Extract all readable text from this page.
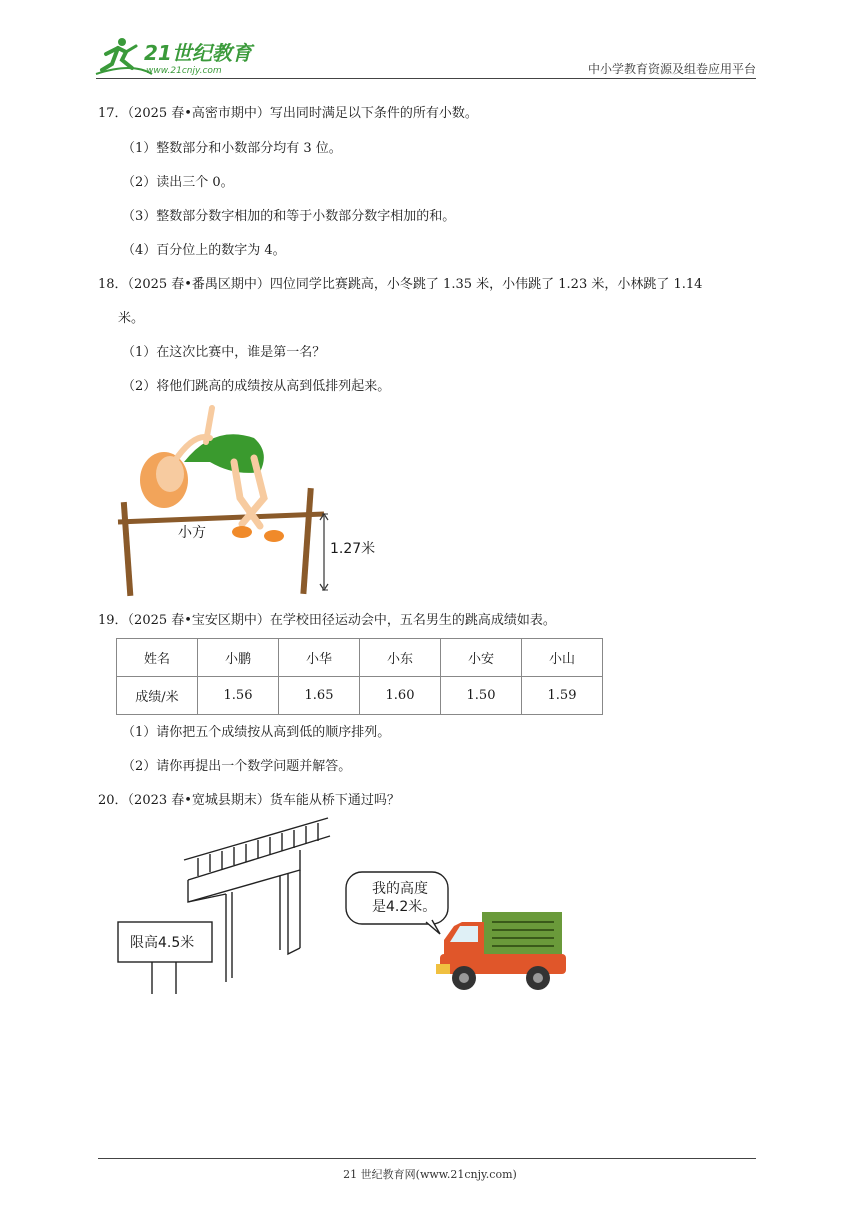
21世纪教育
www.21cnjy.com	中小学教育资源及组卷应用平台
17．（2025 春•高密市期中）写出同时满足以下条件的所有小数。
（1）整数部分和小数部分均有 3 位。
（2）读出三个 0。
（3）整数部分数字相加的和等于小数部分数字相加的和。
（4）百分位上的数字为 4。
18．（2025 春•番禺区期中）四位同学比赛跳高，小冬跳了 1.35 米，小伟跳了 1.23 米，小林跳了 1.14
米。
（1）在这次比赛中，谁是第一名？
（2）将他们跳高的成绩按从高到低排列起来。
小方
1.27米
19．（2025 春•宝安区期中）在学校田径运动会中，五名男生的跳高成绩如表。
姓名	小鹏	小华	小东	小安	小山
成绩/米	1.56	1.65	1.60	1.50	1.59
（1）请你把五个成绩按从高到低的顺序排列。
（2）请你再提出一个数学问题并解答。
20．（2023 春•宽城县期末）货车能从桥下通过吗？
限高4.5米
我的高度
是4.2米。
21 世纪教育网(www.21cnjy.com)
